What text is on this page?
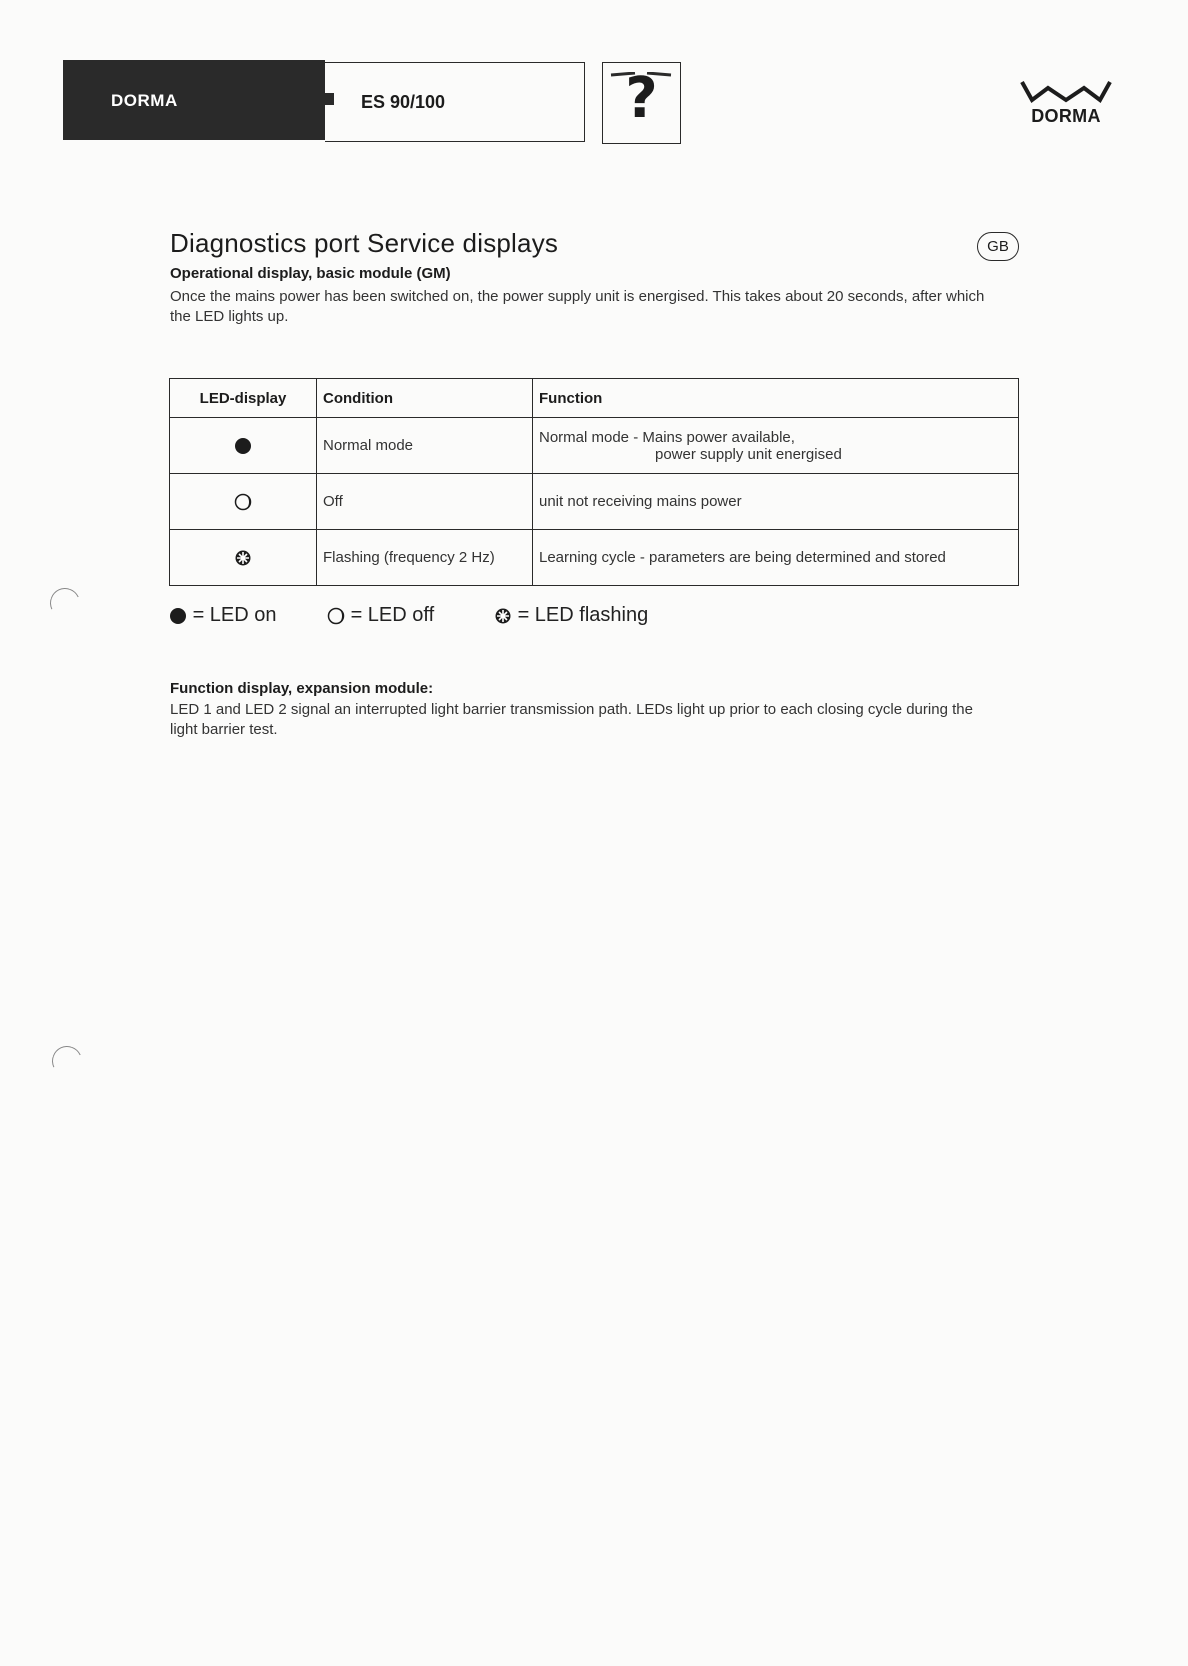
DORMA	ES 90/100	?	DORMA
Diagnostics port Service displays	GB
Operational display, basic module (GM)
Once the mains power has been switched on, the power supply unit is energised. This takes about 20 seconds, after which the LED lights up.
LED-display	Condition	Function
	Normal mode	Normal mode - Mains power available,
power supply unit energised

	Off	unit not receiving mains power
	Flashing (frequency 2 Hz)	Learning cycle - parameters are being determined and stored
= LED on	= LED off	= LED flashing
Function display, expansion module:
LED 1 and LED 2 signal an interrupted light barrier transmission path. LEDs light up prior to each closing cycle during the light barrier test.
